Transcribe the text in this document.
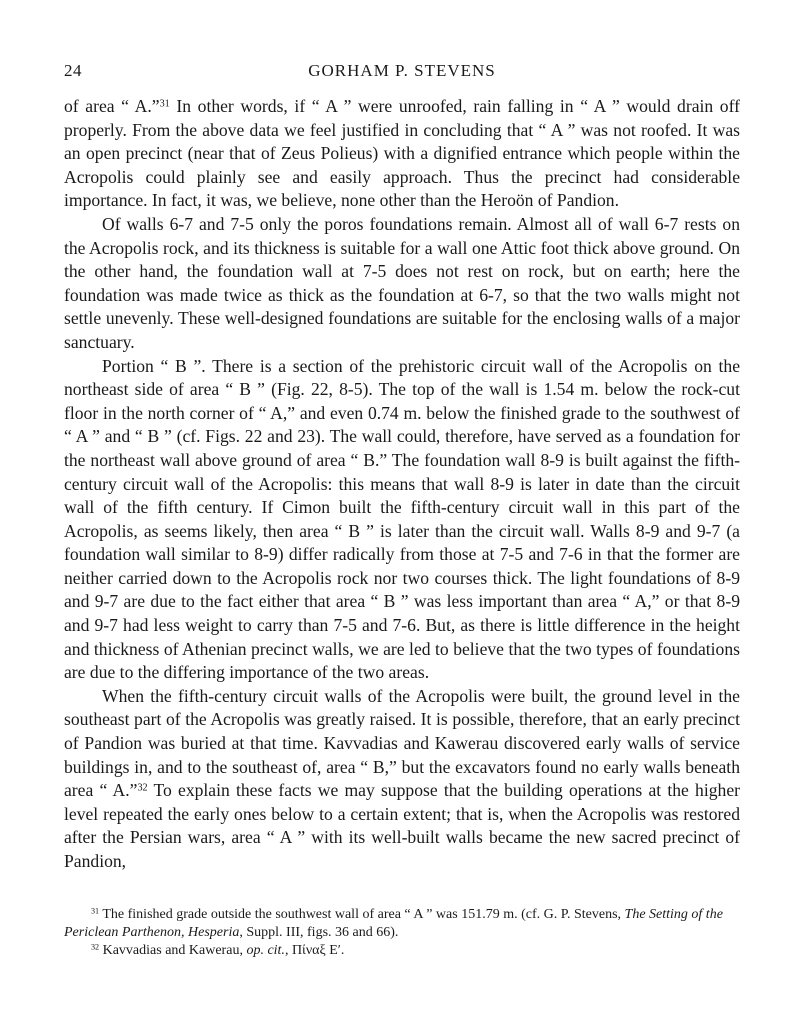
24	GORHAM P. STEVENS

of area “ A.”$^{31}$ In other words, if “ A ” were unroofed, rain falling in “ A ” would drain off properly. From the above data we feel justified in concluding that “ A ” was not roofed. It was an open precinct (near that of Zeus Polieus) with a dignified entrance which people within the Acropolis could plainly see and easily approach. Thus the precinct had considerable importance. In fact, it was, we believe, none other than the Heroön of Pandion.

Of walls 6-7 and 7-5 only the poros foundations remain. Almost all of wall 6-7 rests on the Acropolis rock, and its thickness is suitable for a wall one Attic foot thick above ground. On the other hand, the foundation wall at 7-5 does not rest on rock, but on earth; here the foundation was made twice as thick as the foundation at 6-7, so that the two walls might not settle unevenly. These well-designed foundations are suitable for the enclosing walls of a major sanctuary.

Portion “ B ”. There is a section of the prehistoric circuit wall of the Acropolis on the northeast side of area “ B ” (Fig. 22, 8-5). The top of the wall is 1.54 m. below the rock-cut floor in the north corner of “ A,” and even 0.74 m. below the finished grade to the southwest of “ A ” and “ B ” (cf. Figs. 22 and 23). The wall could, therefore, have served as a foundation for the northeast wall above ground of area “ B.” The foundation wall 8-9 is built against the fifth-century circuit wall of the Acropolis: this means that wall 8-9 is later in date than the circuit wall of the fifth century. If Cimon built the fifth-century circuit wall in this part of the Acropolis, as seems likely, then area “ B ” is later than the circuit wall. Walls 8-9 and 9-7 (a foundation wall similar to 8-9) differ radically from those at 7-5 and 7-6 in that the former are neither carried down to the Acropolis rock nor two courses thick. The light foundations of 8-9 and 9-7 are due to the fact either that area “ B ” was less important than area “ A,” or that 8-9 and 9-7 had less weight to carry than 7-5 and 7-6. But, as there is little difference in the height and thickness of Athenian precinct walls, we are led to believe that the two types of foundations are due to the differing importance of the two areas.

When the fifth-century circuit walls of the Acropolis were built, the ground level in the southeast part of the Acropolis was greatly raised. It is possible, therefore, that an early precinct of Pandion was buried at that time. Kavvadias and Kawerau discovered early walls of service buildings in, and to the southeast of, area “ B,” but the excavators found no early walls beneath area “ A.”$^{32}$ To explain these facts we may suppose that the building operations at the higher level repeated the early ones below to a certain extent; that is, when the Acropolis was restored after the Persian wars, area “ A ” with its well-built walls became the new sacred precinct of Pandion,

$^{31}$ The finished grade outside the southwest wall of area “ A ” was 151.79 m. (cf. G. P. Stevens, The Setting of the Periclean Parthenon, Hesperia, Suppl. III, figs. 36 and 66).

$^{32}$ Kavvadias and Kawerau, op. cit., Πίναξ E′.
